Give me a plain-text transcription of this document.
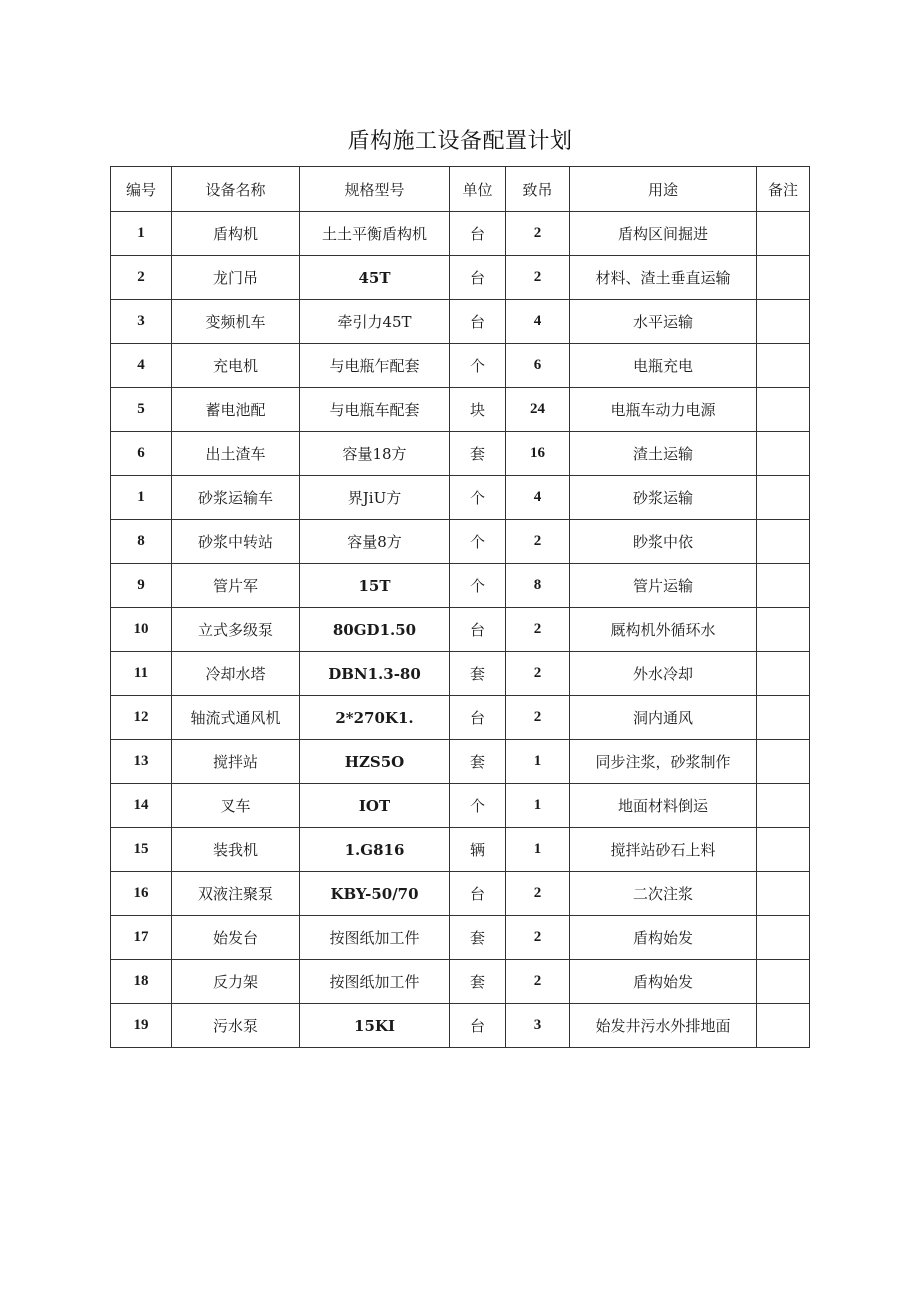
盾构施工设备配置计划
编号	设备名称	规格型号	单位	致吊	用途	备注
1	盾构机	土土平衡盾构机	台	2	盾构区间掘进	
2	龙门吊	45T	台	2	材料、渣土垂直运输	
3	变频机车	牵引力45T	台	4	水平运输	
4	充电机	与电瓶乍配套	个	6	电瓶充电	
5	蓄电池配	与电瓶车配套	块	24	电瓶车动力电源	
6	出土渣车	容量18方	套	16	渣土运输	
1	砂浆运输车	界JiU方	个	4	砂浆运输	
8	砂浆中转站	容量8方	个	2	眇浆中依	
9	管片军	15T	个	8	管片运输	
10	立式多级泵	80GD1.50	台	2	厩构机外循环水	
11	冷却水塔	DBN1.3-80	套	2	外水冷却	
12	轴流式通风机	2*270K1.	台	2	洞内通风	
13	搅拌站	HZS5O	套	1	同步注浆，砂浆制作	
14	叉车	IOT	个	1	地面材料倒运	
15	装我机	1.G816	辆	1	搅拌站砂石上料	
16	双液注聚泵	KBY-50/70	台	2	二次注浆	
17	始发台	按图纸加工件	套	2	盾构始发	
18	反力架	按图纸加工件	套	2	盾构始发	
19	污水泵	15KI	台	3	始发井污水外排地面	
